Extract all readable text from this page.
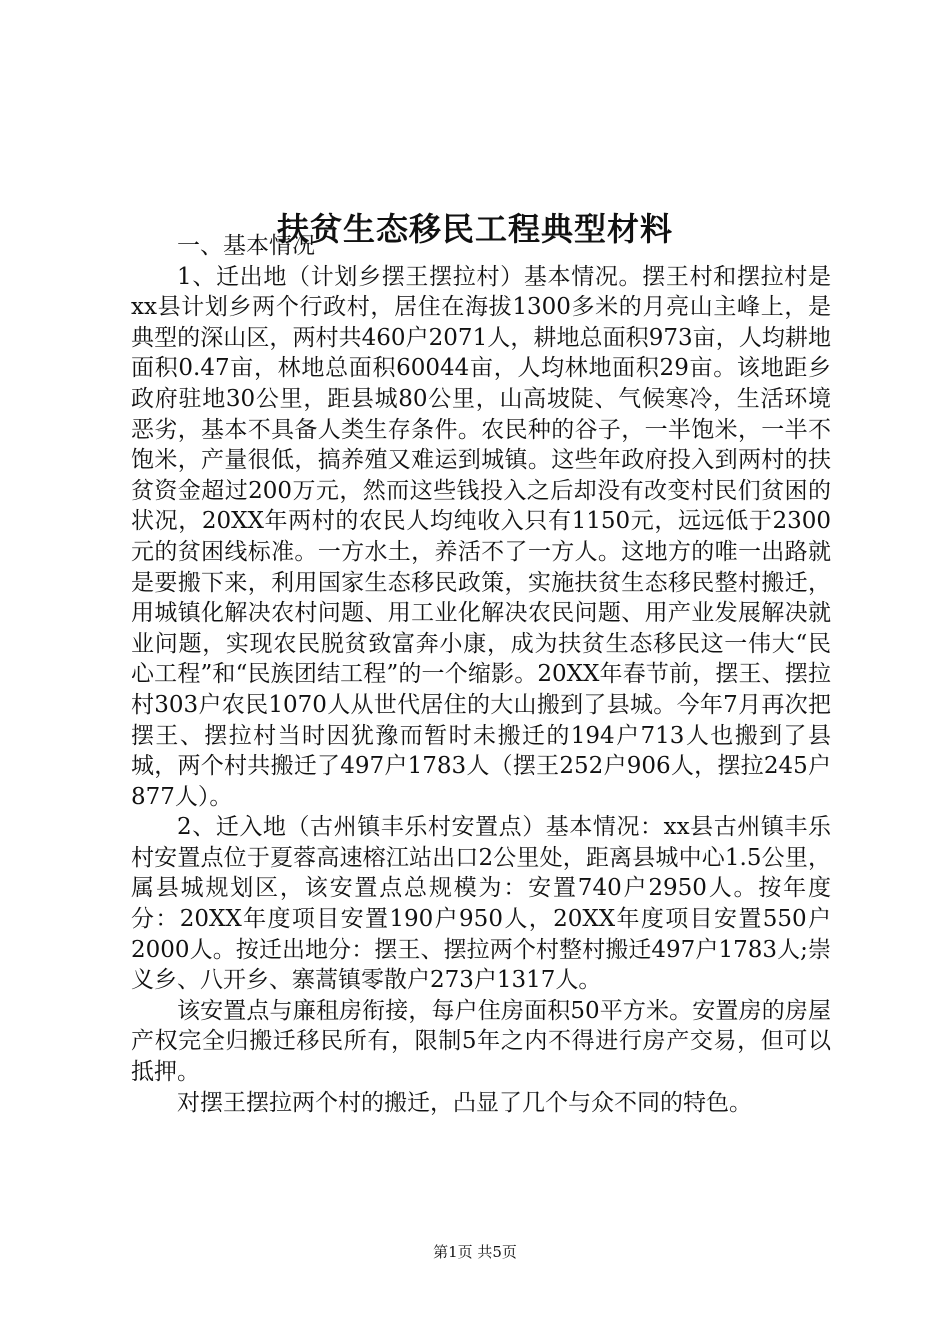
扶贫生态移民工程典型材料

一、基本情况

1、迁出地（计划乡摆王摆拉村）基本情况。摆王村和摆拉村是xx县计划乡两个行政村，居住在海拔1300多米的月亮山主峰上，是典型的深山区，两村共460户2071人，耕地总面积973亩，人均耕地面积0.47亩，林地总面积60044亩，人均林地面积29亩。该地距乡政府驻地30公里，距县城80公里，山高坡陡、气候寒冷，生活环境恶劣，基本不具备人类生存条件。农民种的谷子，一半饱米，一半不饱米，产量很低，搞养殖又难运到城镇。这些年政府投入到两村的扶贫资金超过200万元，然而这些钱投入之后却没有改变村民们贫困的状况，20XX年两村的农民人均纯收入只有1150元，远远低于2300元的贫困线标准。一方水土，养活不了一方人。这地方的唯一出路就是要搬下来，利用国家生态移民政策，实施扶贫生态移民整村搬迁，用城镇化解决农村问题、用工业化解决农民问题、用产业发展解决就业问题，实现农民脱贫致富奔小康，成为扶贫生态移民这一伟大“民心工程”和“民族团结工程”的一个缩影。20XX年春节前，摆王、摆拉村303户农民1070人从世代居住的大山搬到了县城。今年7月再次把摆王、摆拉村当时因犹豫而暂时未搬迁的194户713人也搬到了县城，两个村共搬迁了497户1783人（摆王252户906人，摆拉245户877人）。

2、迁入地（古州镇丰乐村安置点）基本情况：xx县古州镇丰乐村安置点位于夏蓉高速榕江站出口2公里处，距离县城中心1.5公里，属县城规划区，该安置点总规模为：安置740户2950人。按年度分：20XX年度项目安置190户950人，20XX年度项目安置550户2000人。按迁出地分：摆王、摆拉两个村整村搬迁497户1783人;崇义乡、八开乡、寨蒿镇零散户273户1317人。

该安置点与廉租房衔接，每户住房面积50平方米。安置房的房屋产权完全归搬迁移民所有，限制5年之内不得进行房产交易，但可以抵押。

对摆王摆拉两个村的搬迁，凸显了几个与众不同的特色。

第1页 共5页
